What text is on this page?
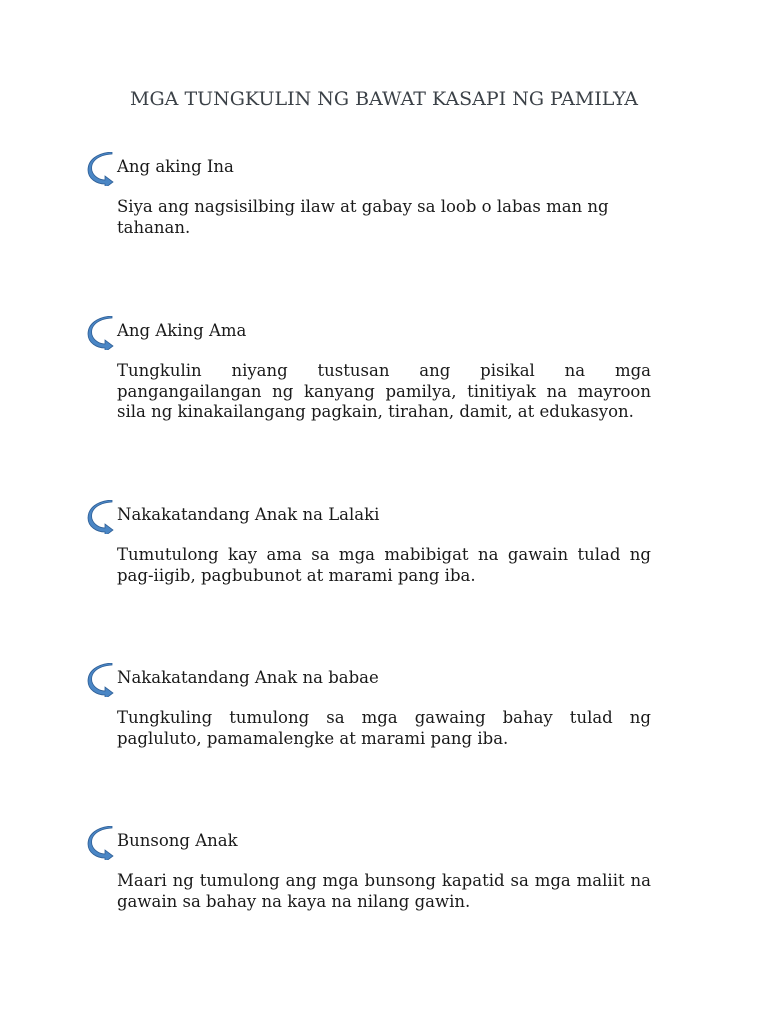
MGA TUNGKULIN NG BAWAT KASAPI NG PAMILYA

Ang aking Ina

Siya ang nagsisilbing ilaw at gabay sa loob o labas man ng tahanan.

Ang Aking Ama

Tungkulin niyang tustusan ang pisikal na mga pangangailangan ng kanyang pamilya, tinitiyak na mayroon sila ng kinakailangang pagkain, tirahan, damit, at edukasyon.

Nakakatandang Anak na Lalaki

Tumutulong kay ama sa mga mabibigat na gawain tulad ng pag-iigib, pagbubunot at marami pang iba.

Nakakatandang Anak na babae

Tungkuling tumulong sa mga gawaing bahay tulad ng pagluluto, pamamalengke at marami pang iba.

Bunsong Anak

Maari ng tumulong ang mga bunsong kapatid sa mga maliit na gawain sa bahay na kaya na nilang gawin.
